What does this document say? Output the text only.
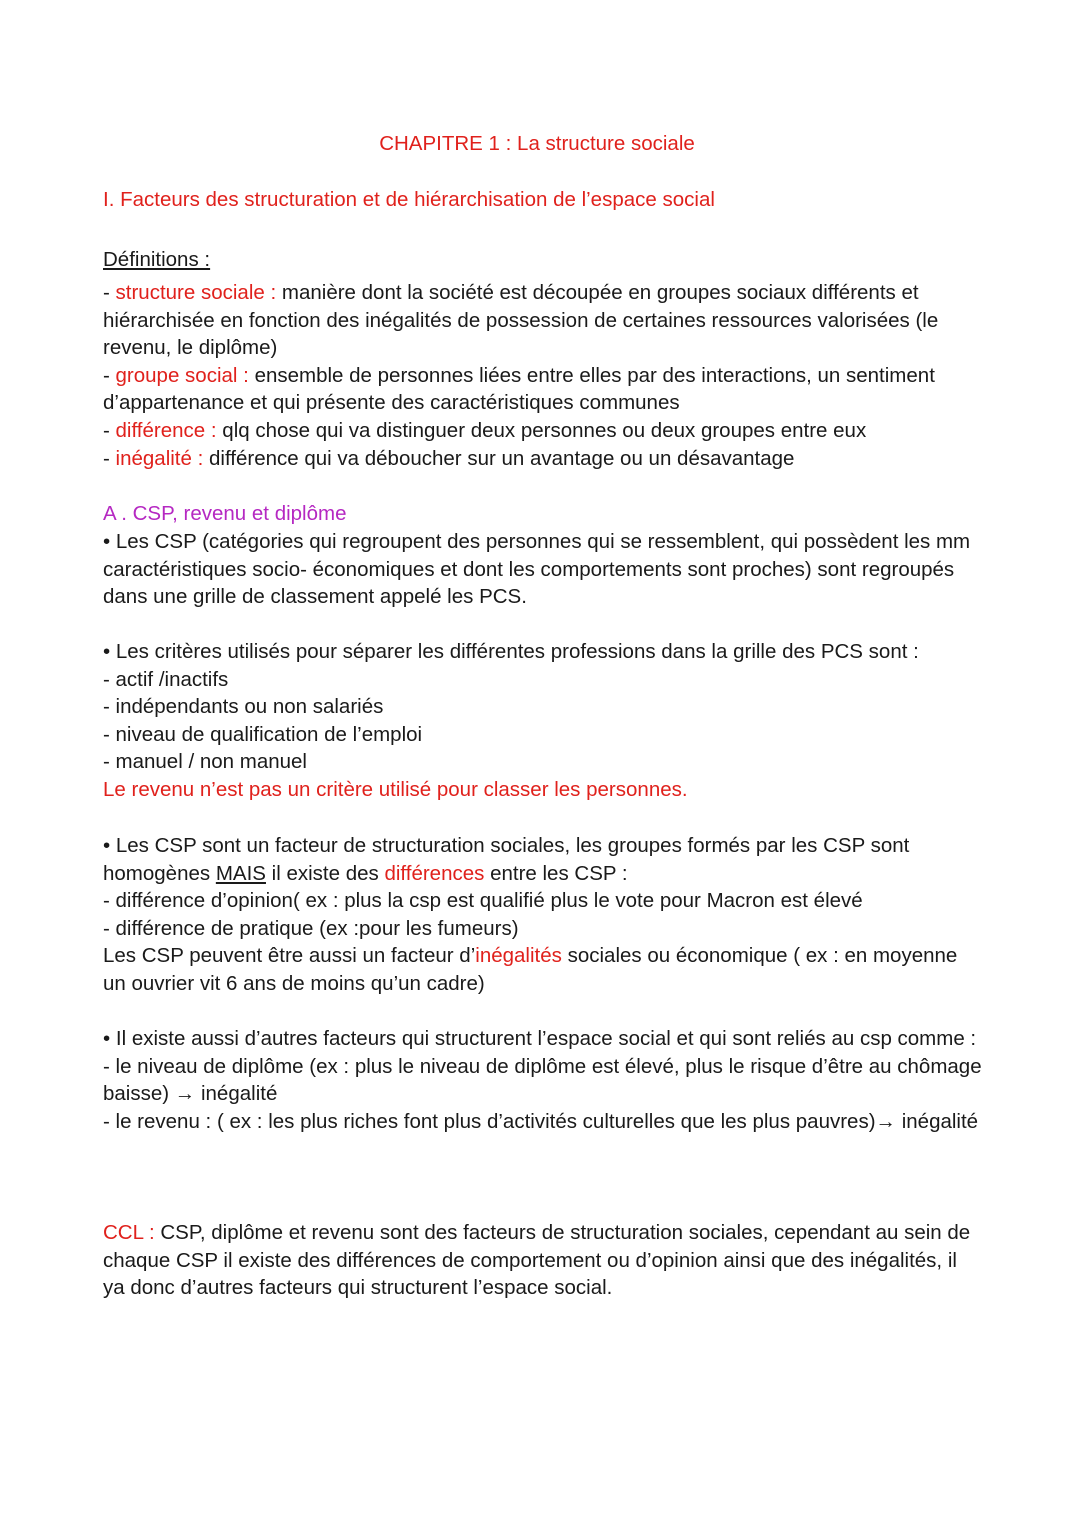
CHAPITRE 1 : La structure sociale

I. Facteurs des structuration et de hiérarchisation de l’espace social

Définitions :

- structure sociale : manière dont la société est découpée en groupes sociaux différents et hiérarchisée en fonction des inégalités de possession de certaines ressources valorisées (le revenu, le diplôme)
- groupe social : ensemble de personnes liées entre elles par des interactions, un sentiment d’appartenance et qui présente des caractéristiques communes
- différence : qlq chose qui va distinguer deux personnes ou deux groupes entre eux
- inégalité : différence qui va déboucher sur un avantage ou un désavantage

A . CSP, revenu et diplôme

• Les CSP (catégories qui regroupent des personnes qui se ressemblent, qui possèdent les mm caractéristiques socio- économiques et dont les comportements sont proches) sont regroupés dans une grille de classement appelé les PCS.

• Les critères utilisés pour séparer les différentes professions dans la grille des PCS sont :
- actif /inactifs
- indépendants ou non salariés
- niveau de qualification de l’emploi
- manuel / non manuel
Le revenu n’est pas un critère utilisé pour classer les personnes.
• Les CSP sont un facteur de structuration sociales, les groupes formés par les CSP sont homogènes MAIS il existe des différences entre les CSP :
- différence d’opinion( ex : plus la csp est qualifié plus le vote pour Macron est élevé
- différence de pratique (ex :pour les fumeurs)
Les CSP peuvent être aussi un facteur d’inégalités sociales ou économique ( ex : en moyenne un ouvrier vit 6 ans de moins qu’un cadre)
• Il existe aussi d’autres facteurs qui structurent l’espace social et qui sont reliés au csp comme :
- le niveau de diplôme (ex : plus le niveau de diplôme est élevé, plus le risque d’être au chômage baisse) → inégalité
- le revenu : ( ex : les plus riches font plus d’activités culturelles que les plus pauvres)→ inégalité
CCL : CSP, diplôme et revenu sont des facteurs de structuration sociales, cependant au sein de chaque CSP il existe des différences de comportement ou d’opinion ainsi que des inégalités, il ya donc d’autres facteurs qui structurent l’espace social.
